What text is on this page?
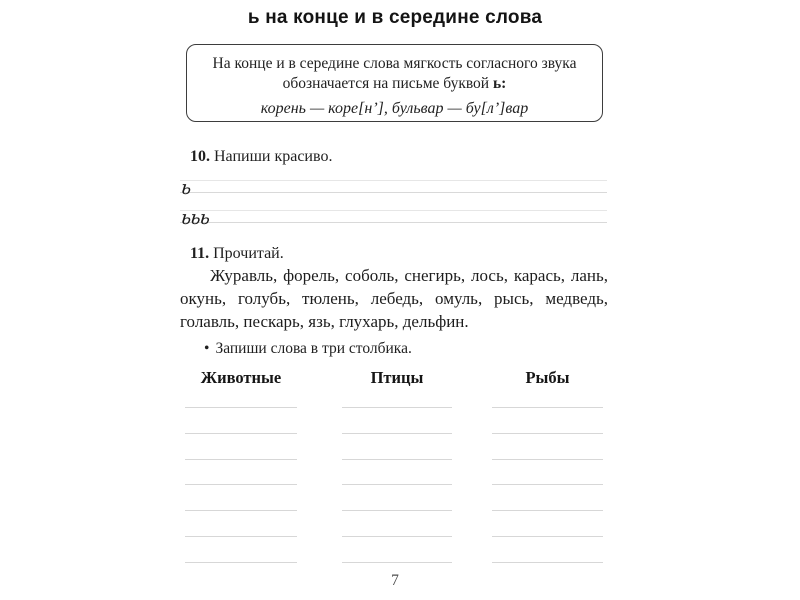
ь на конце и в середине слова
На конце и в середине слова мягкость согласного звука
обозначается на письме буквой ь:
корень — коре[н’], бульвар — бу[л’]вар
10. Напиши красиво.
ь
ььь
11. Прочитай.
Журавль, форель, соболь, снегирь, лось, карась, лань, окунь, голубь, тюлень, лебедь, омуль, рысь, медведь, голавль, пескарь, язь, глухарь, дельфин.
• Запиши слова в три столбика.
Животные	Птицы	Рыбы
7
